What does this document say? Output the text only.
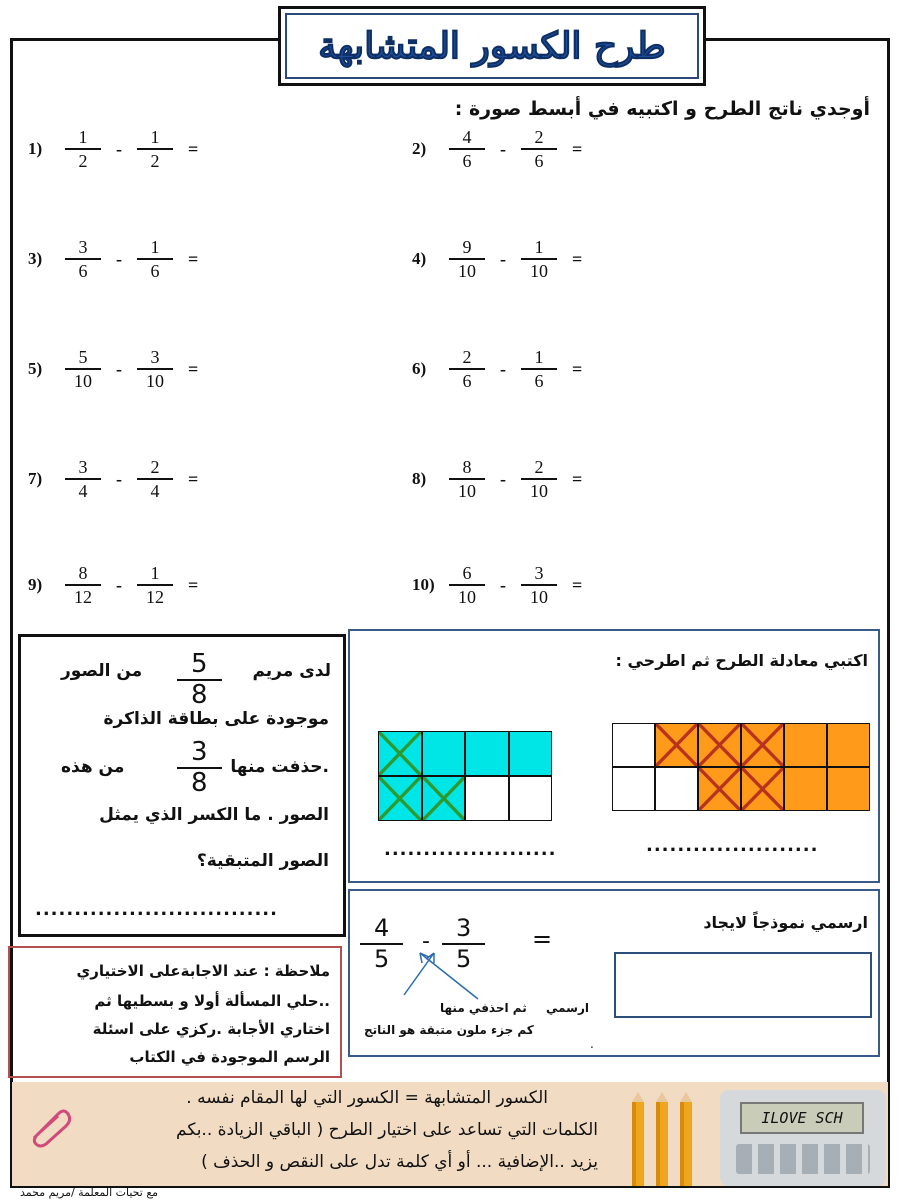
طرح الكسور المتشابهة
أوجدي ناتج الطرح و اكتبيه في أبسط صورة :
1)	$\frac{1}{2} - \frac{1}{2}$ =	2)	$\frac{4}{6} - \frac{2}{6}$ =
3)	$\frac{3}{6} - \frac{1}{6}$ =	4)	$\frac{9}{10} - \frac{1}{10}$ =
5)	$\frac{5}{10} - \frac{3}{10}$ =	6)	$\frac{2}{6} - \frac{1}{6}$ =
7)	$\frac{3}{4} - \frac{2}{4}$ =	8)	$\frac{8}{10} - \frac{2}{10}$ =
9)	$\frac{8}{12} - \frac{1}{12}$ =	$10) \frac{6}{10} - \frac{3}{10}$ =
لدى مريم
$\frac{5}{8}$
من الصور
موجودة على بطاقة الذاكرة
.حذفت منها
$\frac{3}{8}$
من هذه
الصور . ما الكسر الذي يمثل
الصور المتبقية؟
...............................
اكتبي معادلة الطرح ثم اطرحي :
......................	......................
ارسمي نموذجاً لايجاد
$\frac{4}{5} - \frac{3}{5}$ =
ارسمي
ثم احذفي منها
كم جزء ملون متبقة هو الناتج
.
ملاحظة : عند الاجابةعلى الاختياري
..حلي المسألة أولا و بسطيها ثم
اختاري الأجابة .ركزي على اسئلة
الرسم الموجودة في الكتاب
الكسور المتشابهة = الكسور التي لها المقام نفسه .
الكلمات التي تساعد على اختيار الطرح ( الباقي الزيادة ..بكم
يزيد ..الإضافية ... أو أي كلمة تدل على النقص و الحذف )
ILOVE SCH
مع تحيات المعلمة /مريم محمد
